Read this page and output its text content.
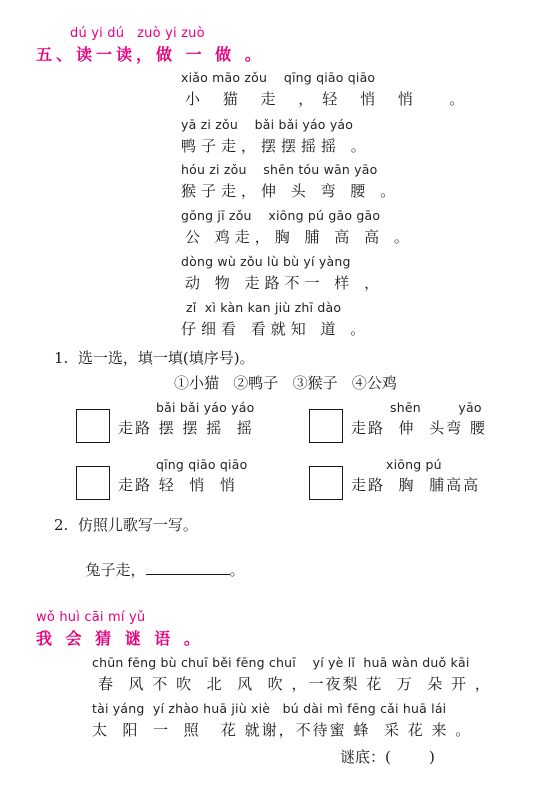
dú yi dú   zuò yi zuò
五、读一读，做 一 做 。
xiǎo māo zǒu    qīng qiāo qiāo
小 猫 走 ，轻 悄 悄  。
yā zi zǒu    bǎi bǎi yáo yáo
鸭子走，摆摆摇摇 。
hóu zi zǒu    shēn tóu wān yāo
猴子走，伸 头 弯 腰 。
gōng jī zǒu    xiōng pú gāo gāo
公 鸡走，胸 脯 高 高 。
dòng wù zǒu lù bù yí yàng
动 物 走路不一 样 ，
zǐ  xì kàn kan jiù zhī dào
仔细看 看就知 道 。
1.  选一选，填一填(填序号)。
①小猫   ②鸭子   ③猴子   ④公鸡
bǎi bǎi yáo yáo
走路 摆 摆 摇  摇
shēn         yāo
走路  伸  头弯 腰
qīng qiāo qiāo
走路 轻  悄  悄
xiōng pú
走路  胸  脯高高
2.  仿照儿歌写一写。

兔子走，	。

wǒ huì cāi mí yǔ
我 会 猜 谜 语 。
chūn fēng bù chuī běi fēng chuī    yí yè lǐ  huā wàn duǒ kāi
春  风 不 吹  北  风  吹 ，一夜梨 花  万  朵 开 ，
tài yáng  yí zhào huā jiù xiè   bú dài mì fēng cǎi huā lái
太  阳  一  照   花 就谢，不待蜜 蜂  采 花 来 。
谜底：(        )
